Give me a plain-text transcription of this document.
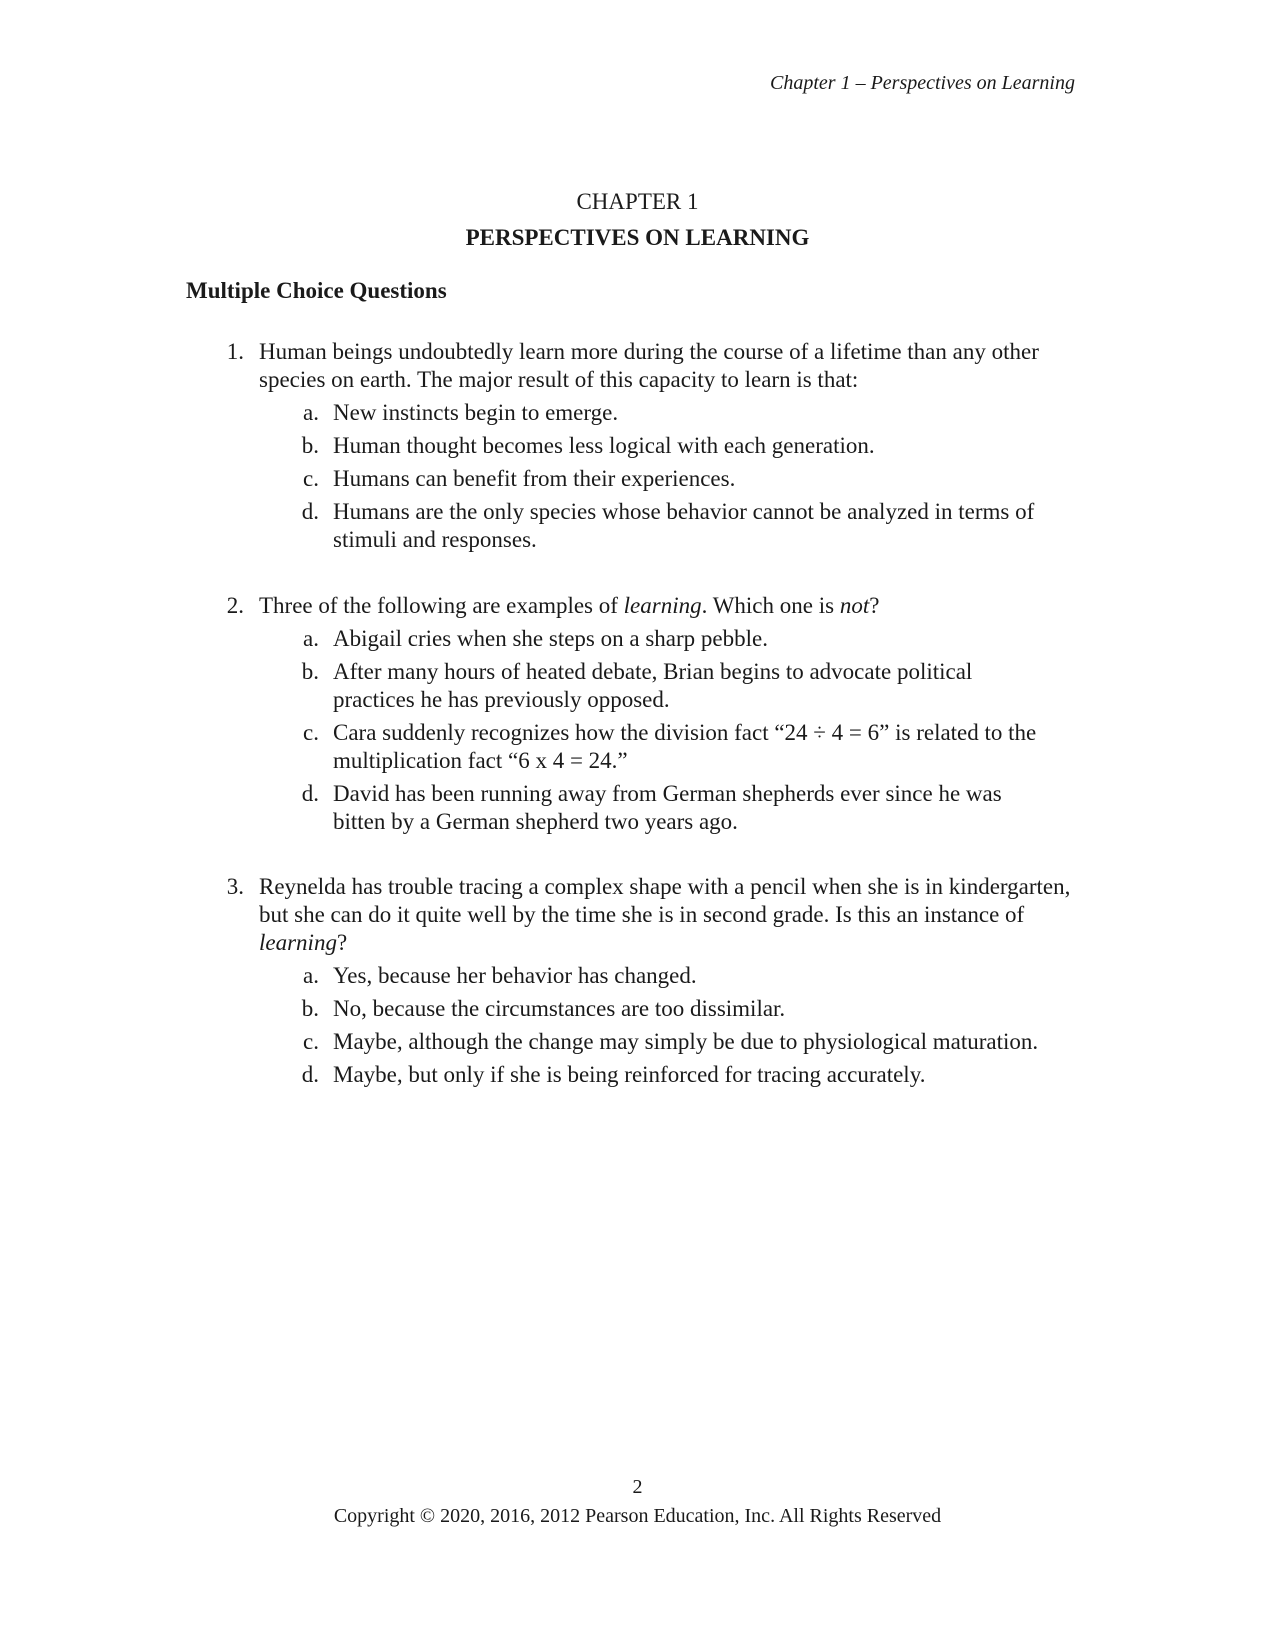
Chapter 1 – Perspectives on Learning
CHAPTER 1
PERSPECTIVES ON LEARNING
Multiple Choice Questions
1. Human beings undoubtedly learn more during the course of a lifetime than any other species on earth. The major result of this capacity to learn is that:
a. New instincts begin to emerge.
b. Human thought becomes less logical with each generation.
c. Humans can benefit from their experiences.
d. Humans are the only species whose behavior cannot be analyzed in terms of stimuli and responses.
2. Three of the following are examples of learning. Which one is not?
a. Abigail cries when she steps on a sharp pebble.
b. After many hours of heated debate, Brian begins to advocate political practices he has previously opposed.
c. Cara suddenly recognizes how the division fact “24 ÷ 4 = 6” is related to the multiplication fact “6 x 4 = 24.”
d. David has been running away from German shepherds ever since he was bitten by a German shepherd two years ago.
3. Reynelda has trouble tracing a complex shape with a pencil when she is in kindergarten, but she can do it quite well by the time she is in second grade. Is this an instance of learning?
a. Yes, because her behavior has changed.
b. No, because the circumstances are too dissimilar.
c. Maybe, although the change may simply be due to physiological maturation.
d. Maybe, but only if she is being reinforced for tracing accurately.
2
Copyright © 2020, 2016, 2012 Pearson Education, Inc. All Rights Reserved
